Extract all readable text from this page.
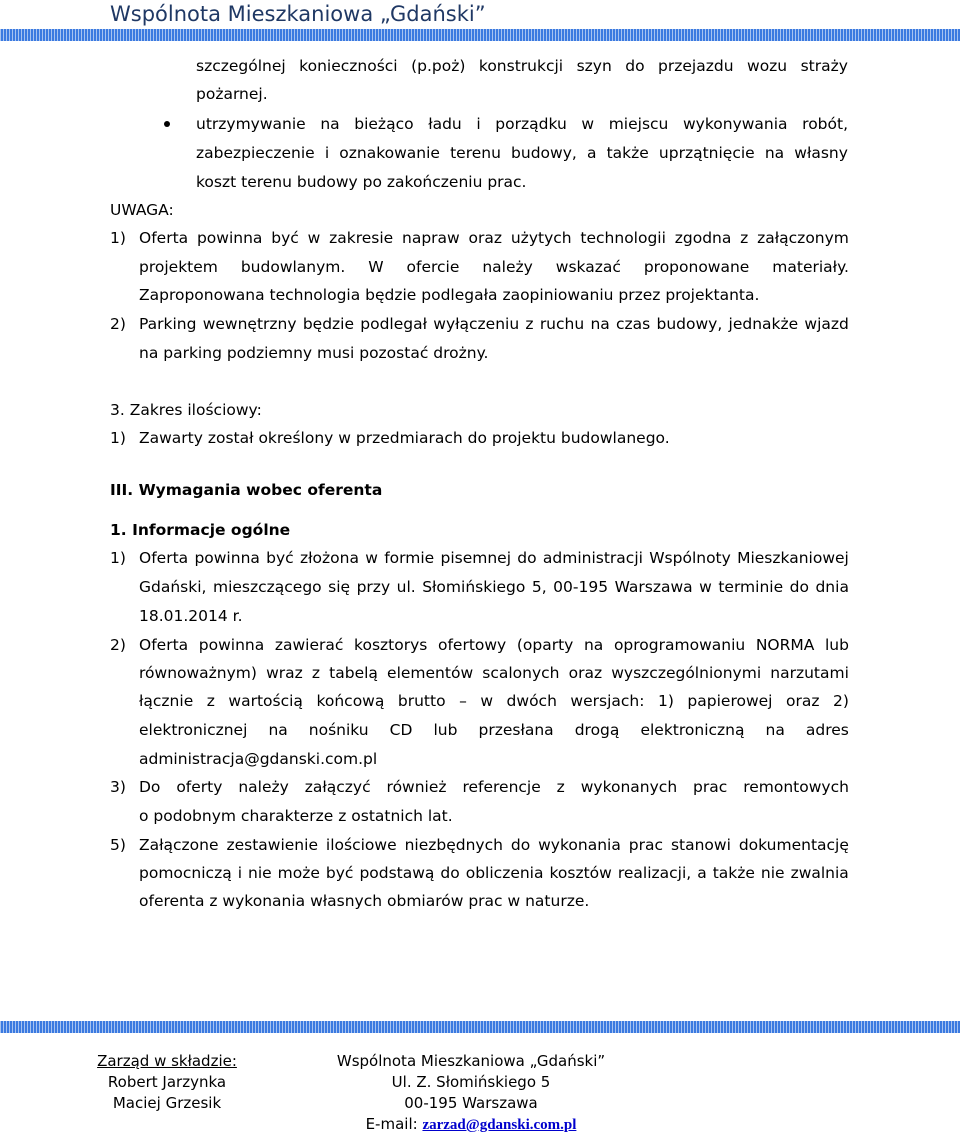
Wspólnota Mieszkaniowa „Gdański”
szczególnej konieczności (p.poż) konstrukcji szyn do przejazdu wozu straży
pożarnej.
utrzymywanie na bieżąco ładu i porządku w miejscu wykonywania robót,
zabezpieczenie i oznakowanie terenu budowy, a także uprzątnięcie na własny
koszt terenu budowy po zakończeniu prac.
UWAGA:
1) Oferta powinna być w zakresie napraw oraz użytych technologii zgodna z załączonym
projektem budowlanym. W ofercie należy wskazać proponowane materiały.
Zaproponowana technologia będzie podlegała zaopiniowaniu przez projektanta.
2) Parking wewnętrzny będzie podlegał wyłączeniu z ruchu na czas budowy, jednakże wjazd
na parking podziemny musi pozostać drożny.
3. Zakres ilościowy:
1) Zawarty został określony w przedmiarach do projektu budowlanego.
III. Wymagania wobec oferenta
1. Informacje ogólne
1) Oferta powinna być złożona w formie pisemnej do administracji Wspólnoty Mieszkaniowej
Gdański, mieszczącego się przy ul. Słomińskiego 5, 00-195 Warszawa w terminie do dnia
18.01.2014 r.
2) Oferta powinna zawierać kosztorys ofertowy (oparty na oprogramowaniu NORMA lub
równoważnym) wraz z tabelą elementów scalonych oraz wyszczególnionymi narzutami
łącznie z wartością końcową brutto – w dwóch wersjach: 1) papierowej oraz 2)
elektronicznej na nośniku CD lub przesłana drogą elektroniczną na adres
administracja@gdanski.com.pl
3) Do oferty należy załączyć również referencje z wykonanych prac remontowych
o podobnym charakterze z ostatnich lat.
5) Załączone zestawienie ilościowe niezbędnych do wykonania prac stanowi dokumentację
pomocniczą i nie może być podstawą do obliczenia kosztów realizacji, a także nie zwalnia
oferenta z wykonania własnych obmiarów prac w naturze.
Zarząd w składzie:
Robert Jarzynka
Maciej Grzesik
Wspólnota Mieszkaniowa „Gdański”
Ul. Z. Słomińskiego 5
00-195 Warszawa
E-mail: zarzad@gdanski.com.pl
